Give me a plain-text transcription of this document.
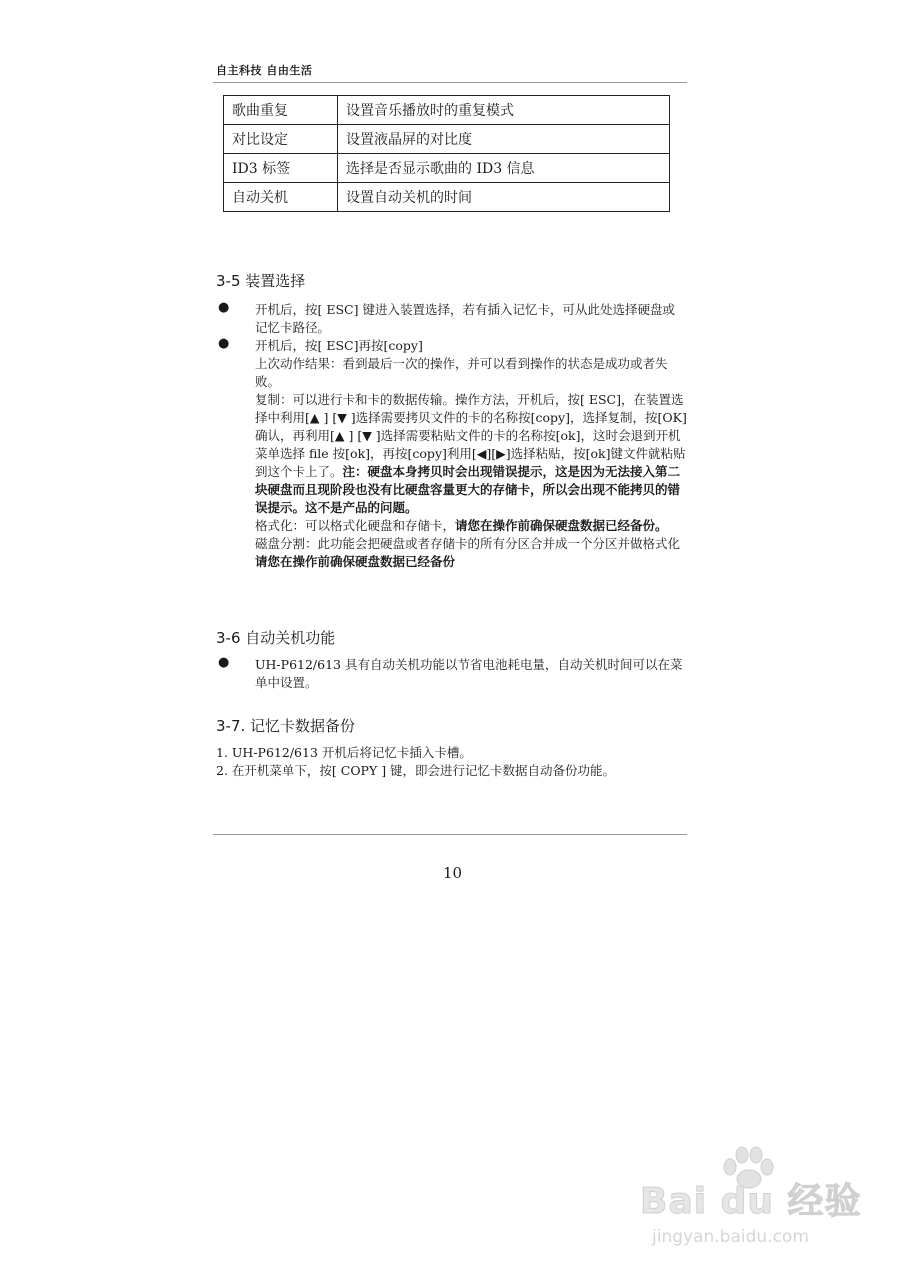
自主科技 自由生活
歌曲重复	设置音乐播放时的重复模式
对比设定	设置液晶屏的对比度
ID3 标签	选择是否显示歌曲的 ID3 信息
自动关机	设置自动关机的时间
3-5 装置选择
● 开机后，按[ ESC] 键进入装置选择，若有插入记忆卡，可从此处选择硬盘或记忆卡路径。
● 开机后，按[ ESC]再按[copy]
上次动作结果：看到最后一次的操作，并可以看到操作的状态是成功或者失败。
复制：可以进行卡和卡的数据传输。操作方法，开机后，按[ ESC]，在装置选择中利用[▲ ] [▼ ]选择需要拷贝文件的卡的名称按[copy]，选择复制，按[OK]确认，再利用[▲ ] [▼ ]选择需要粘贴文件的卡的名称按[ok]，这时会退到开机菜单选择 file 按[ok]，再按[copy]利用[◀][▶]选择粘贴，按[ok]键文件就粘贴到这个卡上了。注：硬盘本身拷贝时会出现错误提示，这是因为无法接入第二块硬盘而且现阶段也没有比硬盘容量更大的存储卡，所以会出现不能拷贝的错误提示。这不是产品的问题。
格式化：可以格式化硬盘和存储卡，请您在操作前确保硬盘数据已经备份。
磁盘分割：此功能会把硬盘或者存储卡的所有分区合并成一个分区并做格式化请您在操作前确保硬盘数据已经备份
3-6 自动关机功能
● UH-P612/613 具有自动关机功能以节省电池耗电量，自动关机时间可以在菜单中设置。
3-7. 记忆卡数据备份
1. UH-P612/613 开机后将记忆卡插入卡槽。
2. 在开机菜单下，按[ COPY ] 键，即会进行记忆卡数据自动备份功能。
10
Bai du 经验
jingyan.baidu.com
